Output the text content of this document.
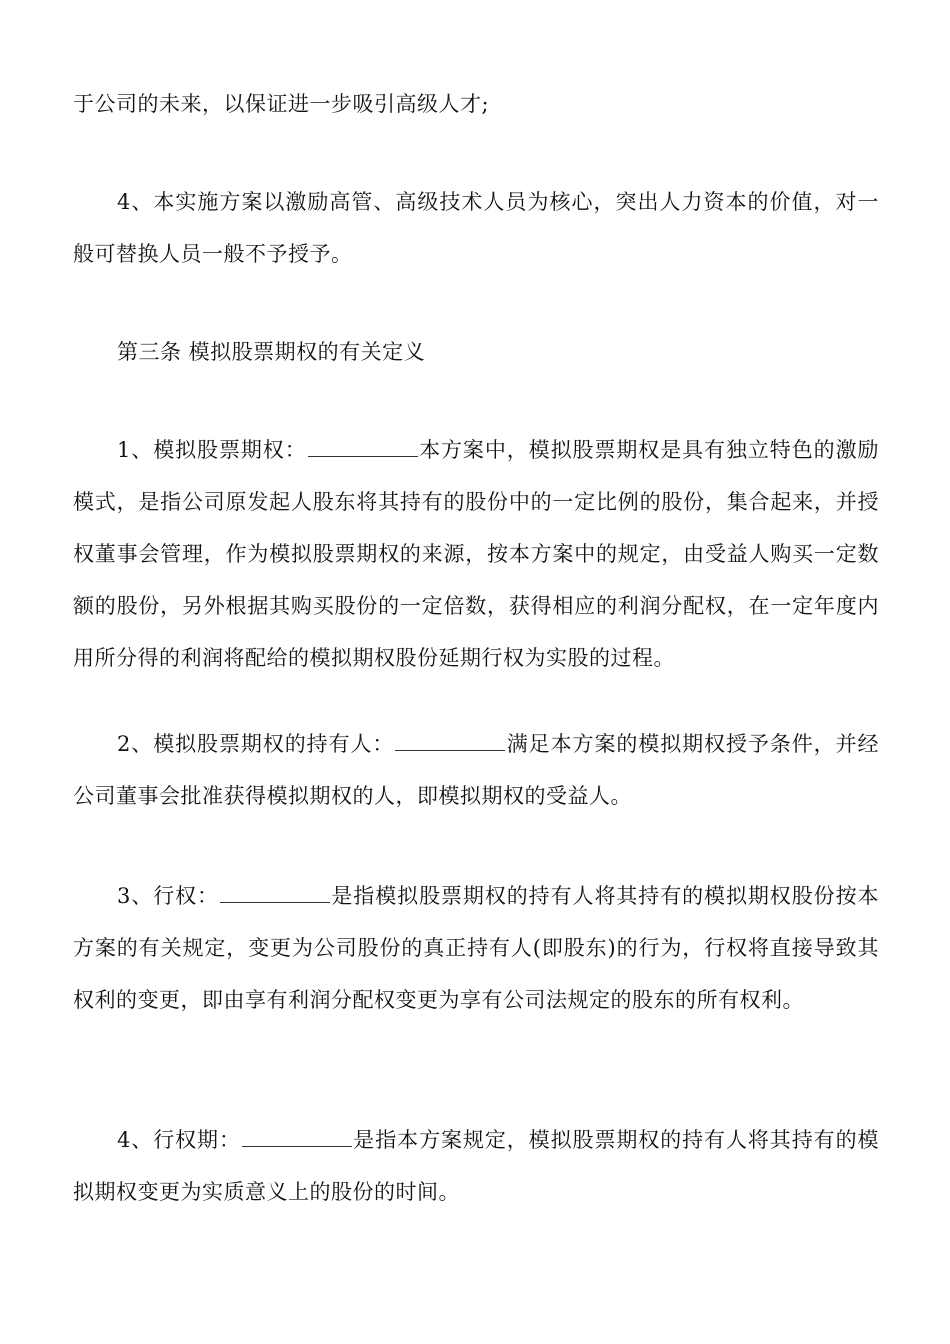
于公司的未来，以保证进一步吸引高级人才;

4、本实施方案以激励高管、高级技术人员为核心，突出人力资本的价值，对一般可替换人员一般不予授予。

第三条 模拟股票期权的有关定义

1、模拟股票期权：	本方案中，模拟股票期权是具有独立特色的激励模式，是指公司原发起人股东将其持有的股份中的一定比例的股份，集合起来，并授权董事会管理，作为模拟股票期权的来源，按本方案中的规定，由受益人购买一定数额的股份，另外根据其购买股份的一定倍数，获得相应的利润分配权，在一定年度内用所分得的利润将配给的模拟期权股份延期行权为实股的过程。

2、模拟股票期权的持有人：	满足本方案的模拟期权授予条件，并经公司董事会批准获得模拟期权的人，即模拟期权的受益人。

3、行权：	是指模拟股票期权的持有人将其持有的模拟期权股份按本方案的有关规定，变更为公司股份的真正持有人(即股东)的行为，行权将直接导致其权利的变更，即由享有利润分配权变更为享有公司法规定的股东的所有权利。

4、行权期：	是指本方案规定，模拟股票期权的持有人将其持有的模拟期权变更为实质意义上的股份的时间。
